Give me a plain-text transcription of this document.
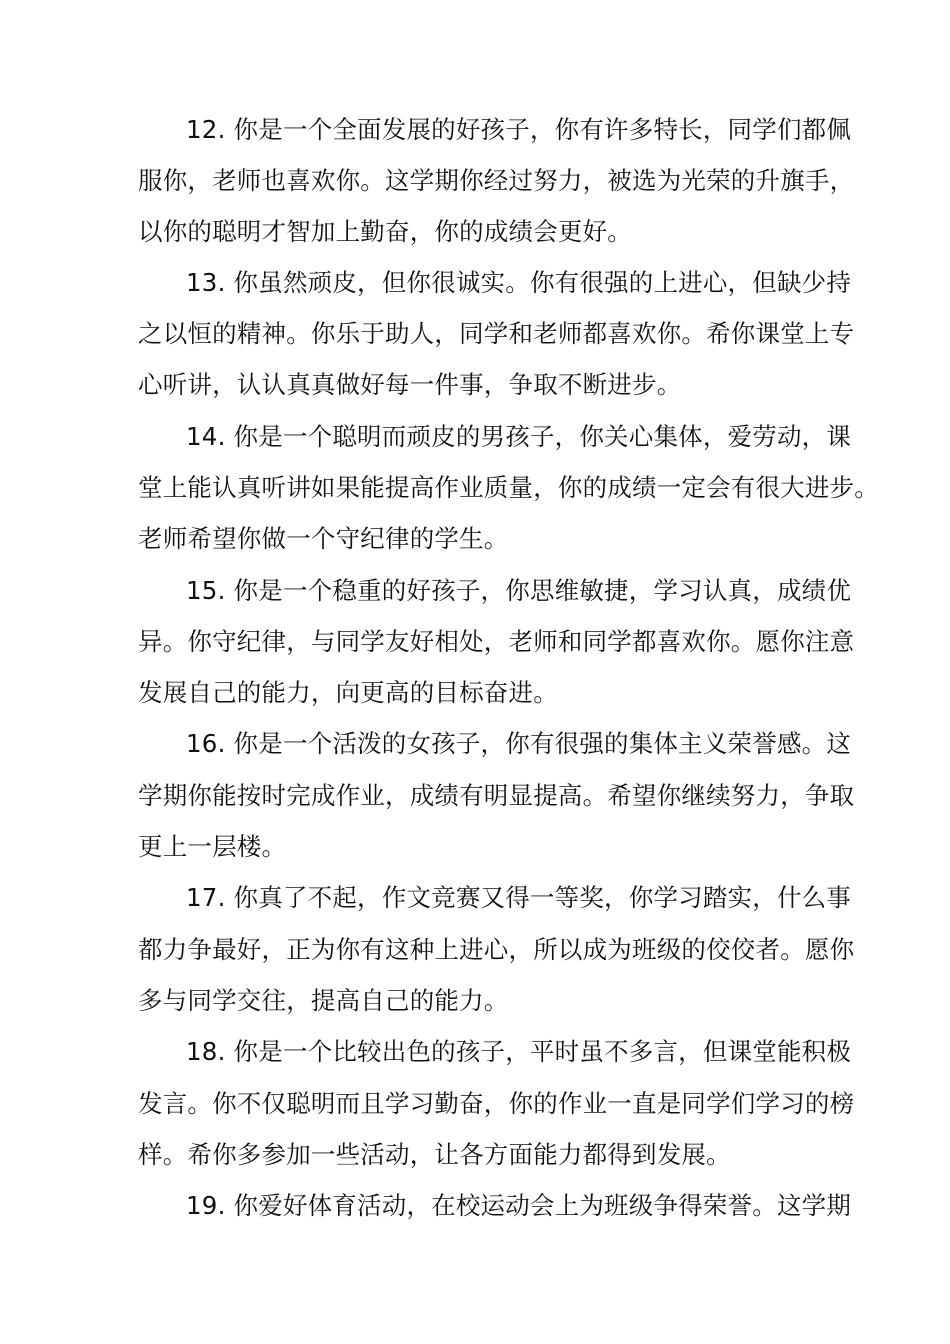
12. 你是一个全面发展的好孩子，你有许多特长，同学们都佩
服你，老师也喜欢你。这学期你经过努力，被选为光荣的升旗手，
以你的聪明才智加上勤奋，你的成绩会更好。
13. 你虽然顽皮，但你很诚实。你有很强的上进心，但缺少持
之以恒的精神。你乐于助人，同学和老师都喜欢你。希你课堂上专
心听讲，认认真真做好每一件事，争取不断进步。
14. 你是一个聪明而顽皮的男孩子，你关心集体，爱劳动，课
堂上能认真听讲如果能提高作业质量，你的成绩一定会有很大进步。
老师希望你做一个守纪律的学生。
15. 你是一个稳重的好孩子，你思维敏捷，学习认真，成绩优
异。你守纪律，与同学友好相处，老师和同学都喜欢你。愿你注意
发展自己的能力，向更高的目标奋进。
16. 你是一个活泼的女孩子，你有很强的集体主义荣誉感。这
学期你能按时完成作业，成绩有明显提高。希望你继续努力，争取
更上一层楼。
17. 你真了不起，作文竞赛又得一等奖，你学习踏实，什么事
都力争最好，正为你有这种上进心，所以成为班级的佼佼者。愿你
多与同学交往，提高自己的能力。
18. 你是一个比较出色的孩子，平时虽不多言，但课堂能积极
发言。你不仅聪明而且学习勤奋，你的作业一直是同学们学习的榜
样。希你多参加一些活动，让各方面能力都得到发展。
19. 你爱好体育活动，在校运动会上为班级争得荣誉。这学期
